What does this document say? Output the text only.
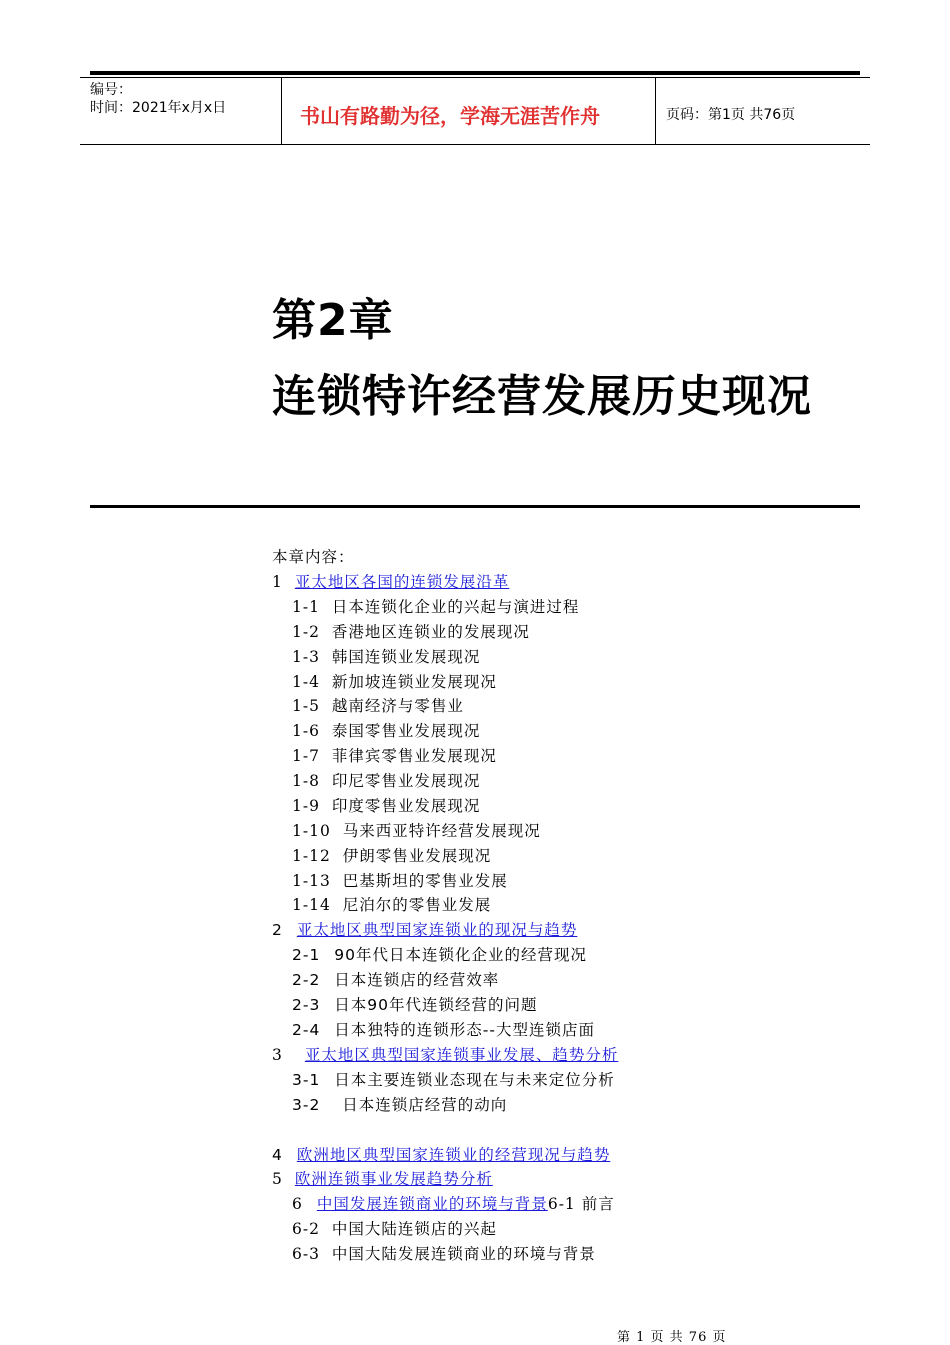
编号：
时间：2021年x月x日	书山有路勤为径，学海无涯苦作舟	页码：第1页 共76页
第2章
连锁特许经营发展历史现况
本章内容：
1 亚太地区各国的连锁发展沿革
1-1 日本连锁化企业的兴起与演进过程
1-2 香港地区连锁业的发展现况
1-3 韩国连锁业发展现况
1-4 新加坡连锁业发展现况
1-5 越南经济与零售业
1-6 泰国零售业发展现况
1-7 菲律宾零售业发展现况
1-8 印尼零售业发展现况
1-9 印度零售业发展现况
1-10 马来西亚特许经营发展现况
1-12 伊朗零售业发展现况
1-13 巴基斯坦的零售业发展
1-14 尼泊尔的零售业发展
2 亚太地区典型国家连锁业的现况与趋势
2-1 90年代日本连锁化企业的经营现况
2-2 日本连锁店的经营效率
2-3 日本90年代连锁经营的问题
2-4 日本独特的连锁形态--大型连锁店面
3 亚太地区典型国家连锁事业发展、趋势分析
3-1 日本主要连锁业态现在与未来定位分析
3-2 日本连锁店经营的动向
4 欧洲地区典型国家连锁业的经营现况与趋势
5 欧洲连锁事业发展趋势分析
6 中国发展连锁商业的环境与背景6-1 前言
6-2 中国大陆连锁店的兴起
6-3 中国大陆发展连锁商业的环境与背景
第 1 页 共 76 页
